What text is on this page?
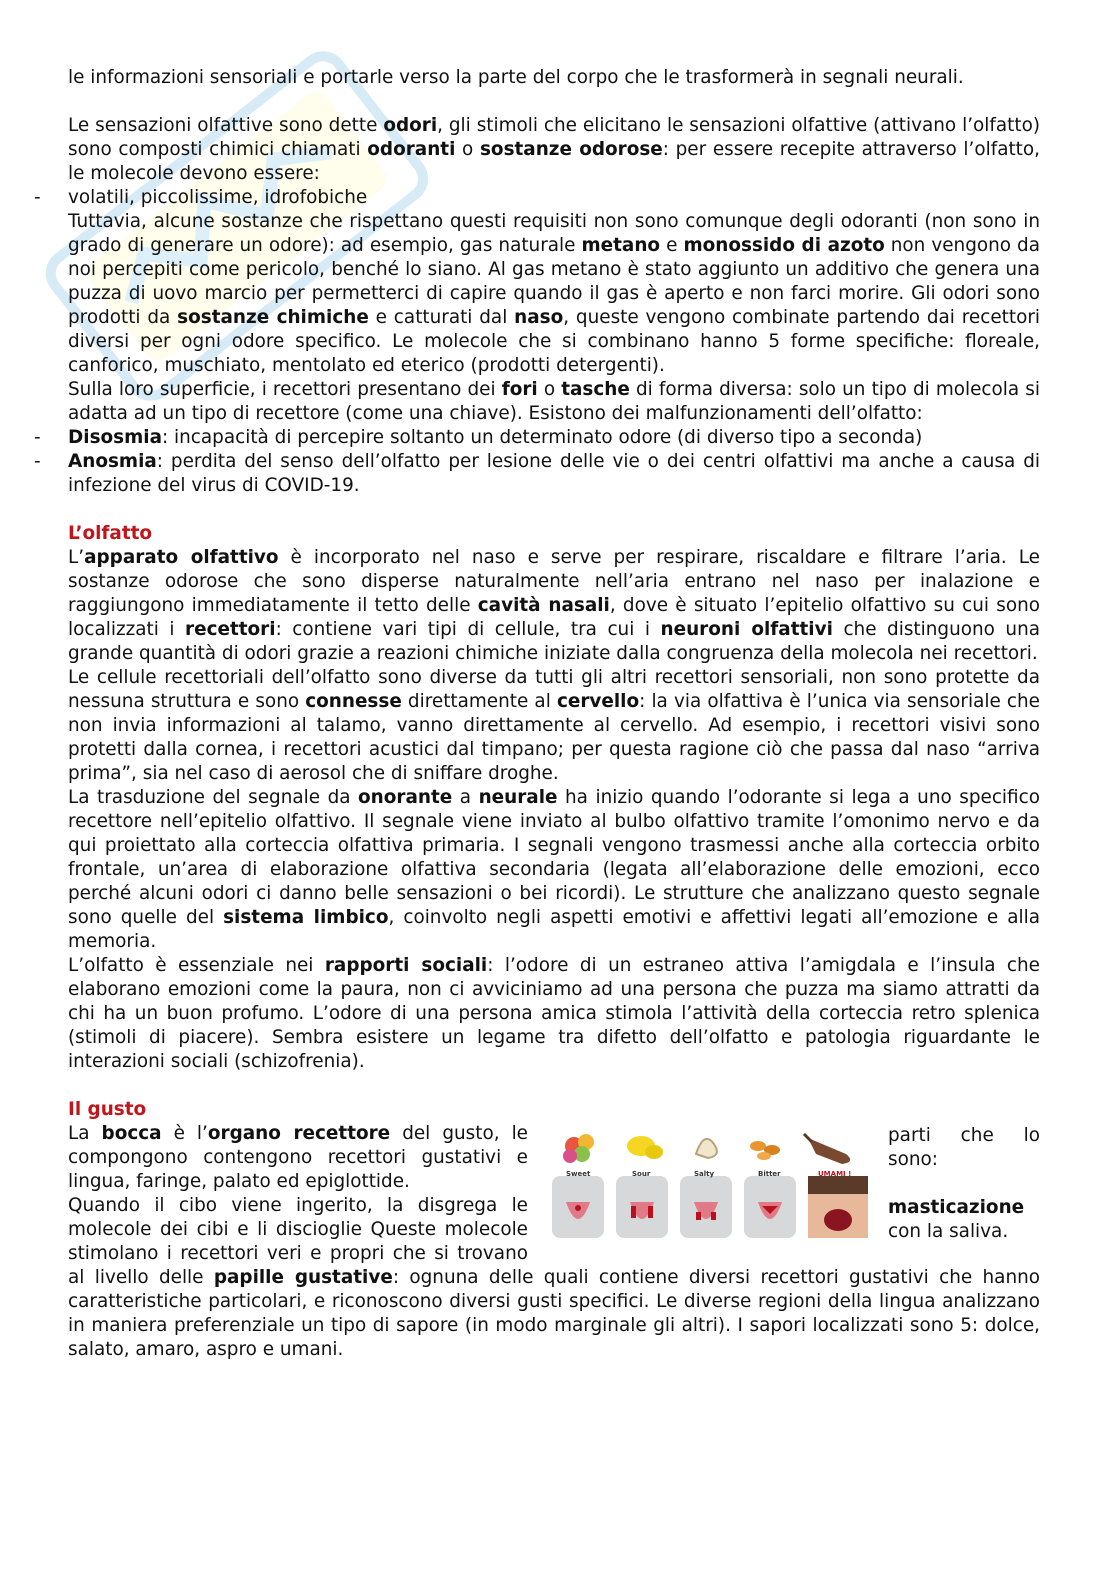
le informazioni sensoriali e portarle verso la parte del corpo che le trasformerà in segnali neurali.

Le sensazioni olfattive sono dette odori, gli stimoli che elicitano le sensazioni olfattive (attivano l’olfatto) sono composti chimici chiamati odoranti o sostanze odorose: per essere recepite attraverso l’olfatto, le molecole devono essere:

- volatili, piccolissime, idrofobiche

Tuttavia, alcune sostanze che rispettano questi requisiti non sono comunque degli odoranti (non sono in grado di generare un odore): ad esempio, gas naturale metano e monossido di azoto non vengono da noi percepiti come pericolo, benché lo siano. Al gas metano è stato aggiunto un additivo che genera una puzza di uovo marcio per permetterci di capire quando il gas è aperto e non farci morire. Gli odori sono prodotti da sostanze chimiche e catturati dal naso, queste vengono combinate partendo dai recettori diversi per ogni odore specifico. Le molecole che si combinano hanno 5 forme specifiche: floreale, canforico, muschiato, mentolato ed eterico (prodotti detergenti).

Sulla loro superficie, i recettori presentano dei fori o tasche di forma diversa: solo un tipo di molecola si adatta ad un tipo di recettore (come una chiave). Esistono dei malfunzionamenti dell’olfatto:

- Disosmia: incapacità di percepire soltanto un determinato odore (di diverso tipo a seconda)

- Anosmia: perdita del senso dell’olfatto per lesione delle vie o dei centri olfattivi ma anche a causa di infezione del virus di COVID-19.

L’olfatto

L’apparato olfattivo è incorporato nel naso e serve per respirare, riscaldare e filtrare l’aria. Le sostanze odorose che sono disperse naturalmente nell’aria entrano nel naso per inalazione e raggiungono immediatamente il tetto delle cavità nasali, dove è situato l’epitelio olfattivo su cui sono localizzati i recettori: contiene vari tipi di cellule, tra cui i neuroni olfattivi che distinguono una grande quantità di odori grazie a reazioni chimiche iniziate dalla congruenza della molecola nei recettori.

Le cellule recettoriali dell’olfatto sono diverse da tutti gli altri recettori sensoriali, non sono protette da nessuna struttura e sono connesse direttamente al cervello: la via olfattiva è l’unica via sensoriale che non invia informazioni al talamo, vanno direttamente al cervello. Ad esempio, i recettori visivi sono protetti dalla cornea, i recettori acustici dal timpano; per questa ragione ciò che passa dal naso “arriva prima”, sia nel caso di aerosol che di sniffare droghe.

La trasduzione del segnale da onorante a neurale ha inizio quando l’odorante si lega a uno specifico recettore nell’epitelio olfattivo. Il segnale viene inviato al bulbo olfattivo tramite l’omonimo nervo e da qui proiettato alla corteccia olfattiva primaria. I segnali vengono trasmessi anche alla corteccia orbito frontale, un’area di elaborazione olfattiva secondaria (legata all’elaborazione delle emozioni, ecco perché alcuni odori ci danno belle sensazioni o bei ricordi). Le strutture che analizzano questo segnale sono quelle del sistema limbico, coinvolto negli aspetti emotivi e affettivi legati all’emozione e alla memoria.

L’olfatto è essenziale nei rapporti sociali: l’odore di un estraneo attiva l’amigdala e l’insula che elaborano emozioni come la paura, non ci avviciniamo ad una persona che puzza ma siamo attratti da chi ha un buon profumo. L’odore di una persona amica stimola l’attività della corteccia retro splenica (stimoli di piacere). Sembra esistere un legame tra difetto dell’olfatto e patologia riguardante le interazioni sociali (schizofrenia).

Il gusto

Sweet	Sour	Salty	Bitter	UMAMI !

parti che lo sono:

masticazione con la saliva.

La bocca è l’organo recettore del gusto, le compongono contengono recettori gustativi e lingua, faringe, palato ed epiglottide.

Quando il cibo viene ingerito, la disgrega le molecole dei cibi e li discioglie Queste molecole stimolano i recettori veri e propri che si trovano al livello delle papille gustative: ognuna delle quali contiene diversi recettori gustativi che hanno caratteristiche particolari, e riconoscono diversi gusti specifici. Le diverse regioni della lingua analizzano in maniera preferenziale un tipo di sapore (in modo marginale gli altri). I sapori localizzati sono 5: dolce, salato, amaro, aspro e umani.
